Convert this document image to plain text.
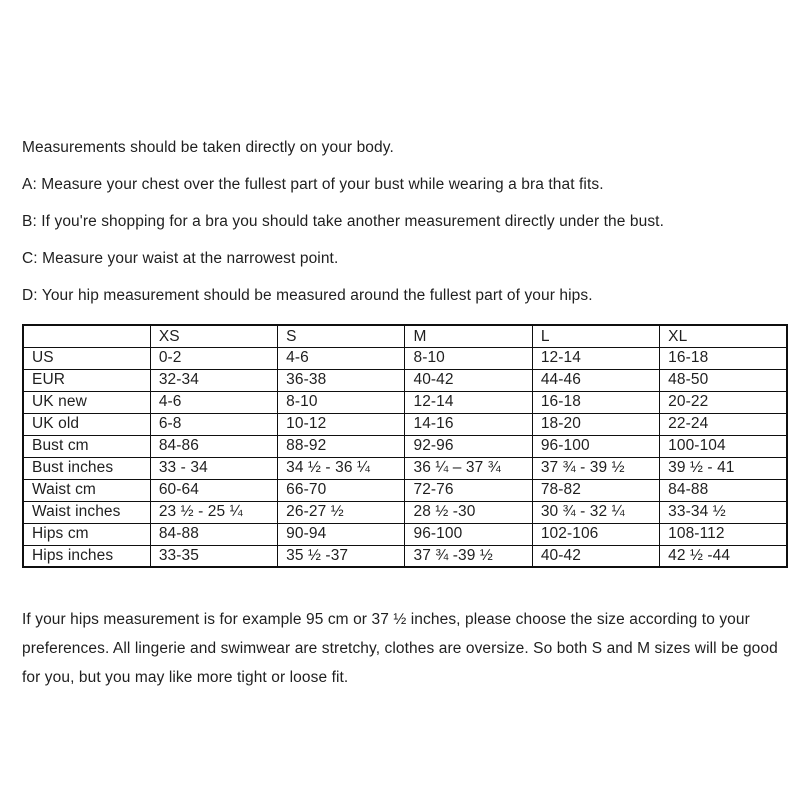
Measurements should be taken directly on your body.

A: Measure your chest over the fullest part of your bust while wearing a bra that fits.

B: If you're shopping for a bra you should take another measurement directly under the bust.

C: Measure your waist at the narrowest point.

D: Your hip measurement should be measured around the fullest part of your hips.

	XS	S	M	L	XL
US	0-2	4-6	8-10	12-14	16-18
EUR	32-34	36-38	40-42	44-46	48-50
UK new	4-6	8-10	12-14	16-18	20-22
UK old	6-8	10-12	14-16	18-20	22-24
Bust cm	84-86	88-92	92-96	96-100	100-104
Bust inches	33 - 34	34 ½ - 36 ¼	36 ¼ – 37 ¾	37 ¾ - 39 ½	39 ½ - 41
Waist cm	60-64	66-70	72-76	78-82	84-88
Waist inches	23 ½ - 25 ¼	26-27 ½	28 ½ -30	30 ¾ - 32 ¼	33-34 ½
Hips cm	84-88	90-94	96-100	102-106	108-112
Hips inches	33-35	35 ½ -37	37 ¾ -39 ½	40-42	42 ½ -44

If your hips measurement is for example 95 cm or 37 ½ inches, please choose the size according to your preferences. All lingerie and swimwear are stretchy, clothes are oversize. So both S and M sizes will be good for you, but you may like more tight or loose fit.
